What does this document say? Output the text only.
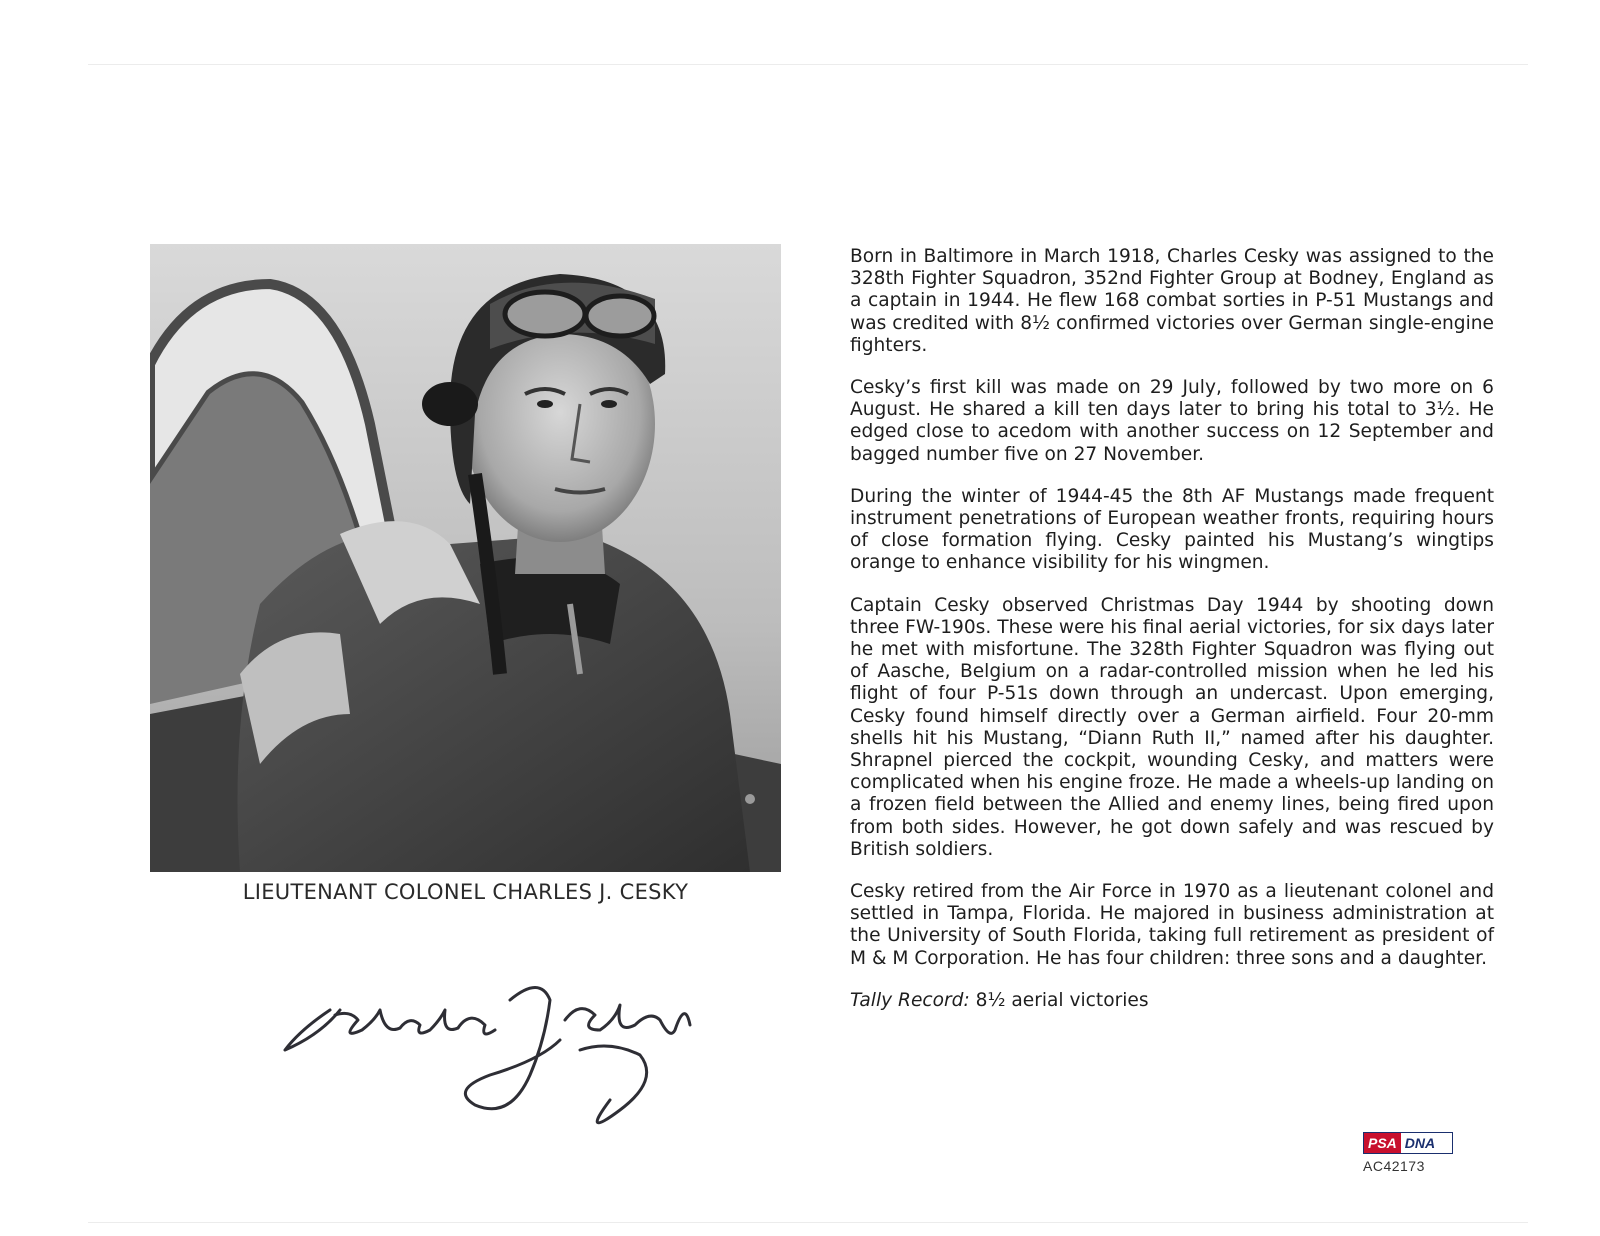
LIEUTENANT COLONEL CHARLES J. CESKY

Born in Baltimore in March 1918, Charles Cesky was assigned to the 328th Fighter Squadron, 352nd Fighter Group at Bodney, England as a captain in 1944. He flew 168 combat sorties in P-51 Mustangs and was credited with 8½ confirmed victories over German single-engine fighters.

Cesky’s first kill was made on 29 July, followed by two more on 6 August. He shared a kill ten days later to bring his total to 3½. He edged close to acedom with another success on 12 September and bagged number five on 27 November.

During the winter of 1944-45 the 8th AF Mustangs made frequent instrument penetrations of European weather fronts, requiring hours of close formation flying. Cesky painted his Mustang’s wingtips orange to enhance visibility for his wingmen.

Captain Cesky observed Christmas Day 1944 by shooting down three FW-190s. These were his final aerial victories, for six days later he met with misfortune. The 328th Fighter Squadron was flying out of Aasche, Belgium on a radar-controlled mission when he led his flight of four P-51s down through an undercast. Upon emerging, Cesky found himself directly over a German airfield. Four 20-mm shells hit his Mustang, “Diann Ruth II,” named after his daughter. Shrapnel pierced the cockpit, wounding Cesky, and matters were complicated when his engine froze. He made a wheels-up landing on a frozen field between the Allied and enemy lines, being fired upon from both sides. However, he got down safely and was rescued by British soldiers.

Cesky retired from the Air Force in 1970 as a lieutenant colonel and settled in Tampa, Florida. He majored in business administration at the University of South Florida, taking full retirement as president of M & M Corporation. He has four children: three sons and a daughter.

Tally Record: 8½ aerial victories
PSA DNA
AC42173
